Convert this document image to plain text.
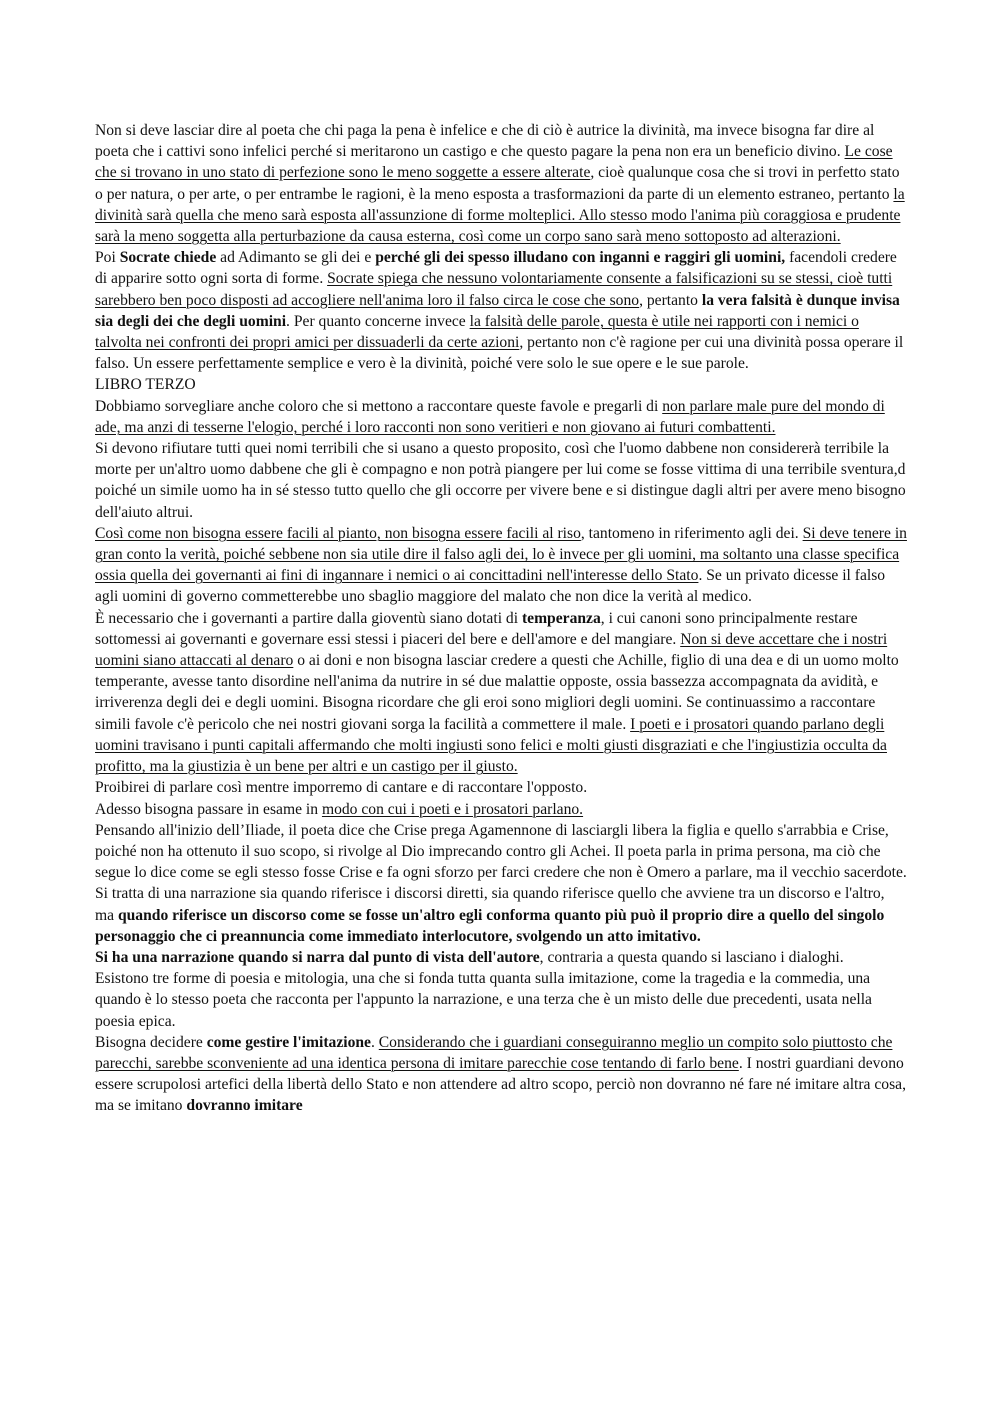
Non si deve lasciar dire al poeta che chi paga la pena è infelice e che di ciò è autrice la divinità, ma invece bisogna far dire al poeta che i cattivi sono infelici perché si meritarono un castigo e che questo pagare la pena non era un beneficio divino. Le cose che si trovano in uno stato di perfezione sono le meno soggette a essere alterate, cioè qualunque cosa che si trovi in perfetto stato o per natura, o per arte, o per entrambe le ragioni, è la meno esposta a trasformazioni da parte di un elemento estraneo, pertanto la divinità sarà quella che meno sarà esposta all'assunzione di forme molteplici. Allo stesso modo l'anima più coraggiosa e prudente sarà la meno soggetta alla perturbazione da causa esterna, così come un corpo sano sarà meno sottoposto ad alterazioni.

Poi Socrate chiede ad Adimanto se gli dei e perché gli dei spesso illudano con inganni e raggiri gli uomini, facendoli credere di apparire sotto ogni sorta di forme. Socrate spiega che nessuno volontariamente consente a falsificazioni su se stessi, cioè tutti sarebbero ben poco disposti ad accogliere nell'anima loro il falso circa le cose che sono, pertanto la vera falsità è dunque invisa sia degli dei che degli uomini. Per quanto concerne invece la falsità delle parole, questa è utile nei rapporti con i nemici o talvolta nei confronti dei propri amici per dissuaderli da certe azioni, pertanto non c'è ragione per cui una divinità possa operare il falso. Un essere perfettamente semplice e vero è la divinità, poiché vere solo le sue opere e le sue parole.

LIBRO TERZO

Dobbiamo sorvegliare anche coloro che si mettono a raccontare queste favole e pregarli di non parlare male pure del mondo di ade, ma anzi di tesserne l'elogio, perché i loro racconti non sono veritieri e non giovano ai futuri combattenti.

Si devono rifiutare tutti quei nomi terribili che si usano a questo proposito, così che l'uomo dabbene non considererà terribile la morte per un'altro uomo dabbene che gli è compagno e non potrà piangere per lui come se fosse vittima di una terribile sventura,d poiché un simile uomo ha in sé stesso tutto quello che gli occorre per vivere bene e si distingue dagli altri per avere meno bisogno dell'aiuto altrui.

Così come non bisogna essere facili al pianto, non bisogna essere facili al riso, tantomeno in riferimento agli dei. Si deve tenere in gran conto la verità, poiché sebbene non sia utile dire il falso agli dei, lo è invece per gli uomini, ma soltanto una classe specifica ossia quella dei governanti ai fini di ingannare i nemici o ai concittadini nell'interesse dello Stato. Se un privato dicesse il falso agli uomini di governo commetterebbe uno sbaglio maggiore del malato che non dice la verità al medico.

È necessario che i governanti a partire dalla gioventù siano dotati di temperanza, i cui canoni sono principalmente restare sottomessi ai governanti e governare essi stessi i piaceri del bere e dell'amore e del mangiare. Non si deve accettare che i nostri uomini siano attaccati al denaro o ai doni e non bisogna lasciar credere a questi che Achille, figlio di una dea e di un uomo molto temperante, avesse tanto disordine nell'anima da nutrire in sé due malattie opposte, ossia bassezza accompagnata da avidità, e irriverenza degli dei e degli uomini. Bisogna ricordare che gli eroi sono migliori degli uomini. Se continuassimo a raccontare simili favole c'è pericolo che nei nostri giovani sorga la facilità a commettere il male. I poeti e i prosatori quando parlano degli uomini travisano i punti capitali affermando che molti ingiusti sono felici e molti giusti disgraziati e che l'ingiustizia occulta da profitto, ma la giustizia è un bene per altri e un castigo per il giusto.

Proibirei di parlare così mentre imporremo di cantare e di raccontare l'opposto.

Adesso bisogna passare in esame in modo con cui i poeti e i prosatori parlano.

Pensando all'inizio dell’Iliade, il poeta dice che Crise prega Agamennone di lasciargli libera la figlia e quello s'arrabbia e Crise, poiché non ha ottenuto il suo scopo, si rivolge al Dio imprecando contro gli Achei. Il poeta parla in prima persona, ma ciò che segue lo dice come se egli stesso fosse Crise e fa ogni sforzo per farci credere che non è Omero a parlare, ma il vecchio sacerdote. Si tratta di una narrazione sia quando riferisce i discorsi diretti, sia quando riferisce quello che avviene tra un discorso e l'altro, ma quando riferisce un discorso come se fosse un'altro egli conforma quanto più può il proprio dire a quello del singolo personaggio che ci preannuncia come immediato interlocutore, svolgendo un atto imitativo.

Si ha una narrazione quando si narra dal punto di vista dell'autore, contraria a questa quando si lasciano i dialoghi.

Esistono tre forme di poesia e mitologia, una che si fonda tutta quanta sulla imitazione, come la tragedia e la commedia, una quando è lo stesso poeta che racconta per l'appunto la narrazione, e una terza che è un misto delle due precedenti, usata nella poesia epica.

Bisogna decidere come gestire l'imitazione. Considerando che i guardiani conseguiranno meglio un compito solo piuttosto che parecchi, sarebbe sconveniente ad una identica persona di imitare parecchie cose tentando di farlo bene. I nostri guardiani devono essere scrupolosi artefici della libertà dello Stato e non attendere ad altro scopo, perciò non dovranno né fare né imitare altra cosa, ma se imitano dovranno imitare
